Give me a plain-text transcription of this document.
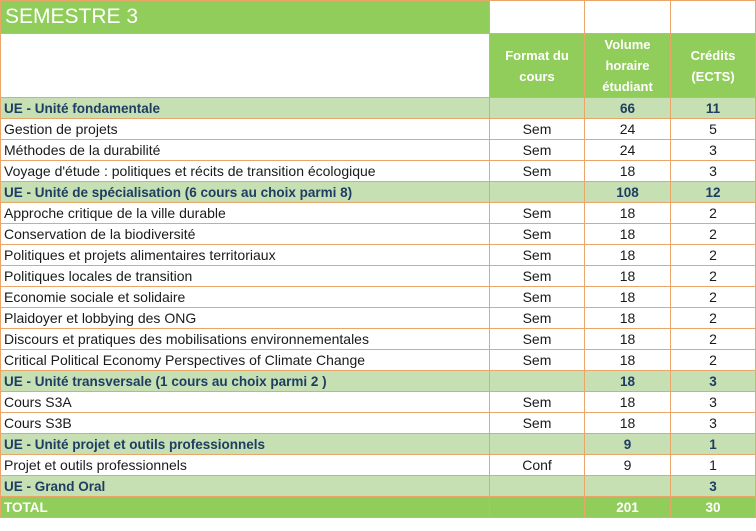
SEMESTRE 3			
	Format du cours	Volume horaire étudiant	Crédits (ECTS)
UE - Unité fondamentale		66	11
Gestion de projets	Sem	24	5
Méthodes de la durabilité	Sem	24	3
Voyage d'étude : politiques et récits de transition écologique	Sem	18	3
UE - Unité de spécialisation (6 cours au choix parmi 8)		108	12
Approche critique de la ville durable	Sem	18	2
Conservation de la biodiversité	Sem	18	2
Politiques et projets alimentaires territoriaux	Sem	18	2
Politiques locales de transition	Sem	18	2
Economie sociale et solidaire	Sem	18	2
Plaidoyer et lobbying des ONG	Sem	18	2
Discours et pratiques des mobilisations environnementales	Sem	18	2
Critical Political Economy Perspectives of Climate Change	Sem	18	2
UE - Unité transversale (1 cours au choix parmi 2 )		18	3
Cours S3A	Sem	18	3
Cours S3B	Sem	18	3
UE - Unité projet et outils professionnels		9	1
Projet et outils professionnels	Conf	9	1
UE - Grand Oral			3
TOTAL		201	30
